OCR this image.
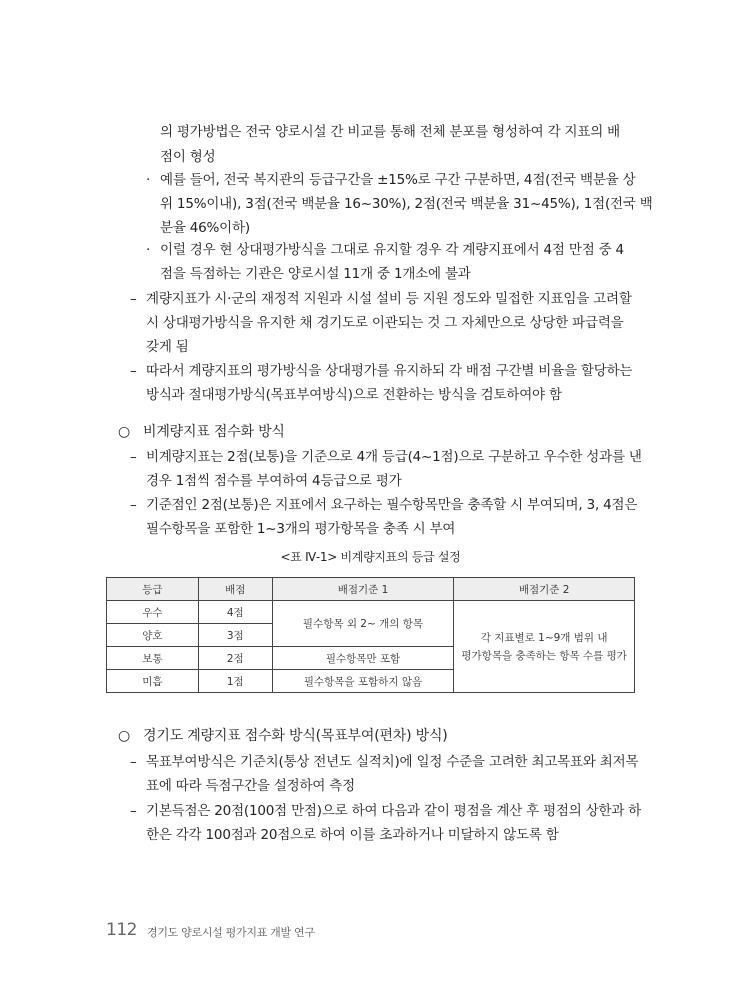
의 평가방법은 전국 양로시설 간 비교를 통해 전체 분포를 형성하여 각 지표의 배
점이 형성
· 예를 들어, 전국 복지관의 등급구간을 ±15%로 구간 구분하면, 4점(전국 백분율 상
위 15%이내), 3점(전국 백분율 16~30%), 2점(전국 백분율 31~45%), 1점(전국 백
분율 46%이하)
· 이럴 경우 현 상대평가방식을 그대로 유지할 경우 각 계량지표에서 4점 만점 중 4
점을 득점하는 기관은 양로시설 11개 중 1개소에 불과
– 계량지표가 시·군의 재정적 지원과 시설 설비 등 지원 정도와 밀접한 지표임을 고려할
시 상대평가방식을 유지한 채 경기도로 이관되는 것 그 자체만으로 상당한 파급력을
갖게 됨
– 따라서 계량지표의 평가방식을 상대평가를 유지하되 각 배점 구간별 비율을 할당하는
방식과 절대평가방식(목표부여방식)으로 전환하는 방식을 검토하여야 함
○ 비계량지표 점수화 방식
– 비계량지표는 2점(보통)을 기준으로 4개 등급(4~1점)으로 구분하고 우수한 성과를 낸
경우 1점씩 점수를 부여하여 4등급으로 평가
– 기준점인 2점(보통)은 지표에서 요구하는 필수항목만을 충족할 시 부여되며, 3, 4점은
필수항목을 포함한 1~3개의 평가항목을 충족 시 부여
<표 Ⅳ-1> 비계량지표의 등급 설정
등급	배점	배점기준 1	배점기준 2
우수	4점	필수항목 외 2~ 개의 항목	각 지표별로 1~9개 범위 내
평가항목을 충족하는 항목 수를 평가
양호	3점		
보통	2점	필수항목만 포함	
미흡	1점	필수항목을 포함하지 않음	
○ 경기도 계량지표 점수화 방식(목표부여(편차) 방식)
– 목표부여방식은 기준치(통상 전년도 실적치)에 일정 수준을 고려한 최고목표와 최저목
표에 따라 득점구간을 설정하여 측정
– 기본득점은 20점(100점 만점)으로 하여 다음과 같이 평점을 계산 후 평점의 상한과 하
한은 각각 100점과 20점으로 하여 이를 초과하거나 미달하지 않도록 함
112 경기도 양로시설 평가지표 개발 연구
